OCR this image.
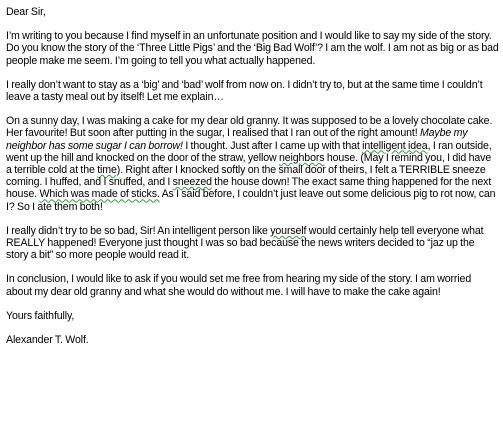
Dear Sir,

I’m writing to you because I find myself in an unfortunate position and I would like to say my side of the story. Do you know the story of the ‘Three Little Pigs’ and the ‘Big Bad Wolf’? I am the wolf. I am not as big or as bad people make me seem. I’m going to tell you what actually happened.

I really don’t want to stay as a ‘big’ and ‘bad’ wolf from now on. I didn’t try to, but at the same time I couldn’t leave a tasty meal out by itself! Let me explain…

On a sunny day, I was making a cake for my dear old granny. It was supposed to be a lovely chocolate cake. Her favourite! But soon after putting in the sugar, I realised that I ran out of the right amount! Maybe my neighbor has some sugar I can borrow! I thought. Just after I came up with that intelligent idea, I ran outside, went up the hill and knocked on the door of the straw, yellow neighbors house. (May I remind you, I did have a terrible cold at the time). Right after I knocked softly on the small door of theirs, I felt a TERRIBLE sneeze coming. I huffed, and I snuffed, and I sneezed the house down! The exact same thing happened for the next house. Which was made of sticks. As I said before, I couldn’t just leave out some delicious pig to rot now, can I? So I ate them both!

I really didn’t try to be so bad, Sir! An intelligent person like yourself would certainly help tell everyone what REALLY happened! Everyone just thought I was so bad because the news writers decided to “jaz up the story a bit” so more people would read it.

In conclusion, I would like to ask if you would set me free from hearing my side of the story. I am worried about my dear old granny and what she would do without me. I will have to make the cake again!

Yours faithfully,

Alexander T. Wolf.
